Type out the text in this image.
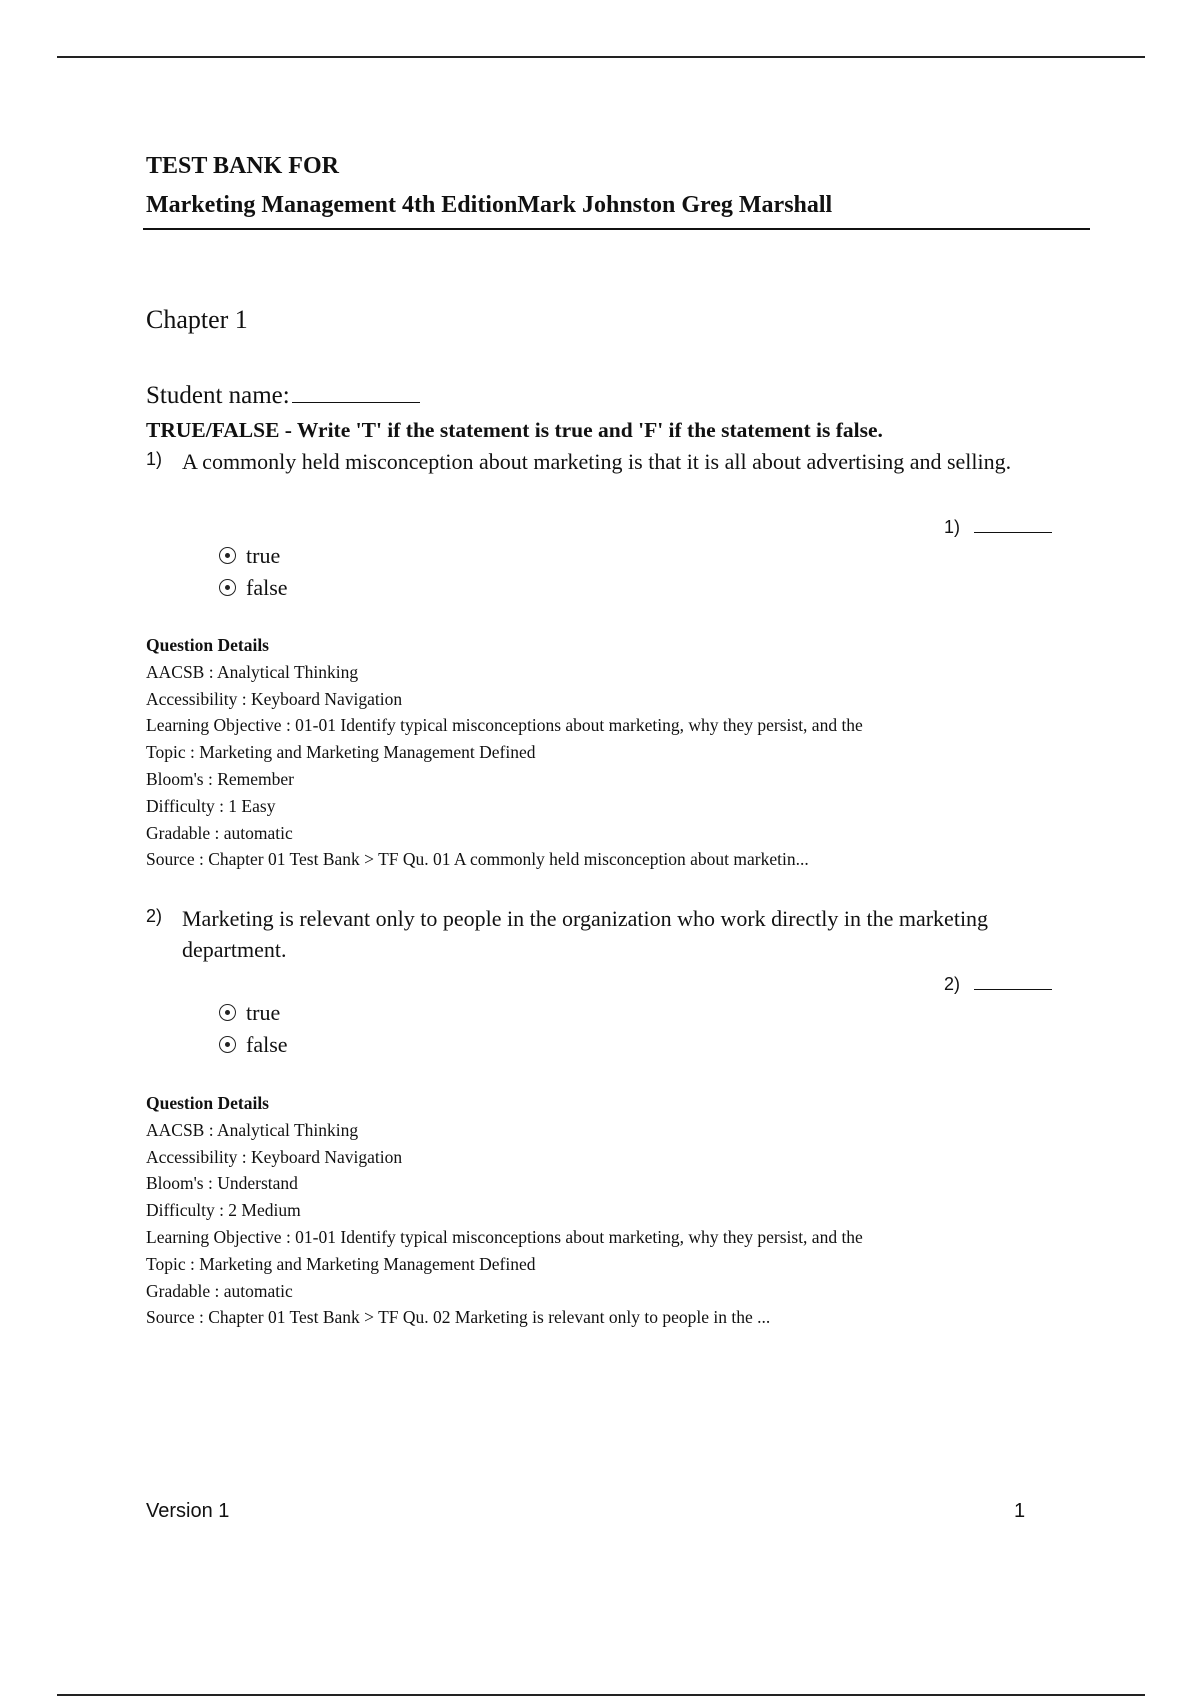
TEST BANK FOR
Marketing Management 4th EditionMark Johnston Greg Marshall
Chapter 1
Student name:
TRUE/FALSE - Write 'T' if the statement is true and 'F' if the statement is false.
1) A commonly held misconception about marketing is that it is all about advertising and selling.
1)
true
false
Question Details
AACSB : Analytical Thinking
Accessibility : Keyboard Navigation
Learning Objective : 01-01 Identify typical misconceptions about marketing, why they persist, and the
Topic : Marketing and Marketing Management Defined
Bloom's : Remember
Difficulty : 1 Easy
Gradable : automatic
Source : Chapter 01 Test Bank > TF Qu. 01 A commonly held misconception about marketin...
2) Marketing is relevant only to people in the organization who work directly in the marketing department.
2)
true
false
Question Details
AACSB : Analytical Thinking
Accessibility : Keyboard Navigation
Bloom's : Understand
Difficulty : 2 Medium
Learning Objective : 01-01 Identify typical misconceptions about marketing, why they persist, and the
Topic : Marketing and Marketing Management Defined
Gradable : automatic
Source : Chapter 01 Test Bank > TF Qu. 02 Marketing is relevant only to people in the ...
Version 1	1
